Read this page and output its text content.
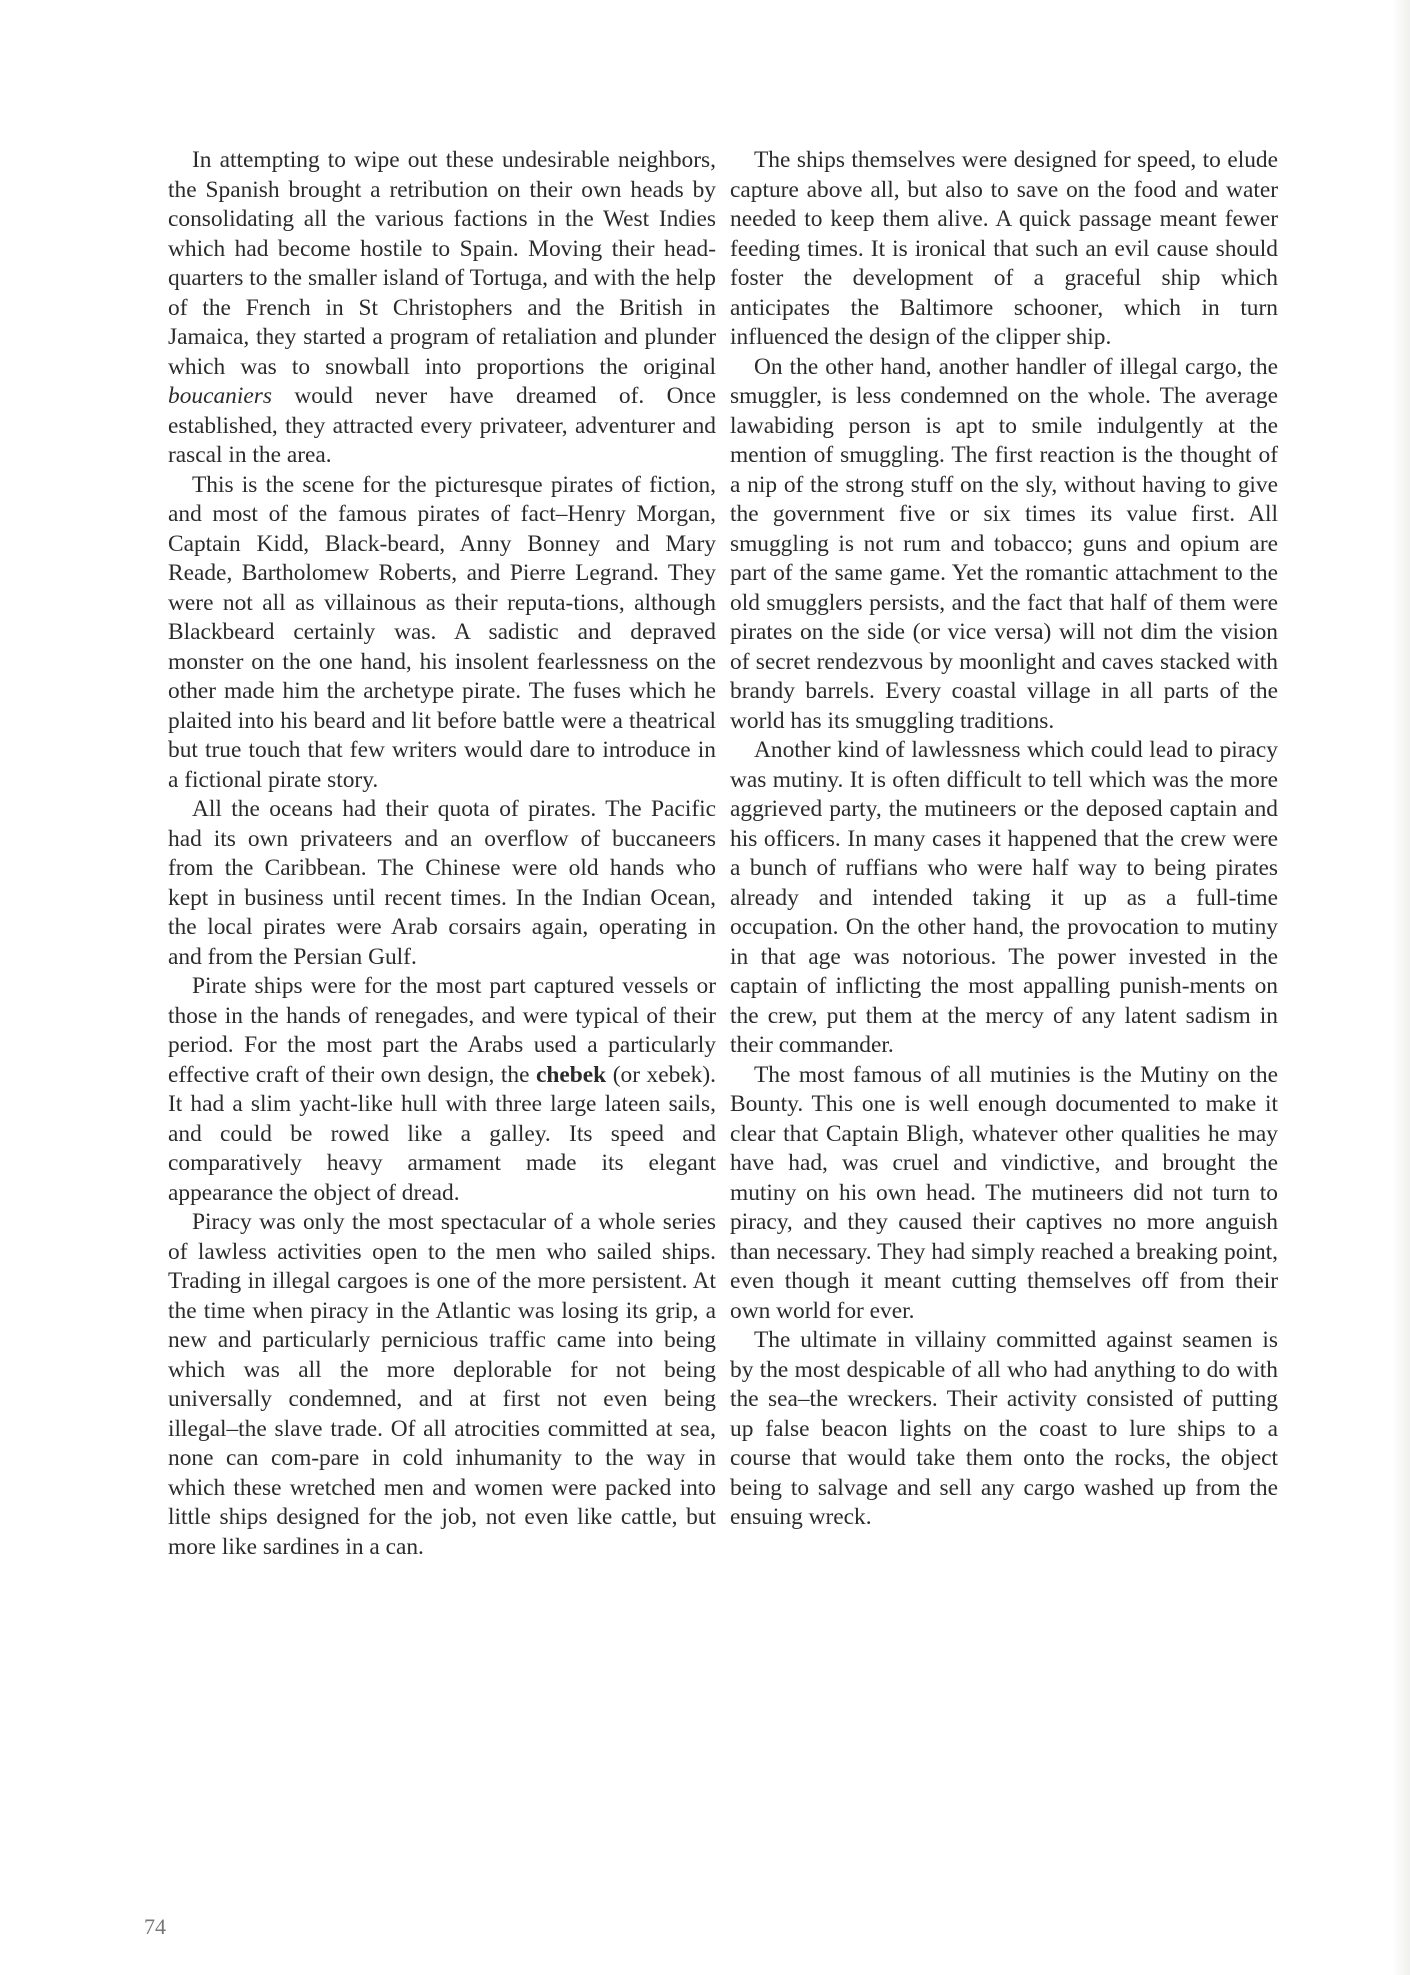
In attempting to wipe out these undesirable neighbors, the Spanish brought a retribution on their own heads by consolidating all the various factions in the West Indies which had become hostile to Spain. Moving their head-quarters to the smaller island of Tortuga, and with the help of the French in St Christophers and the British in Jamaica, they started a program of retaliation and plunder which was to snowball into proportions the original boucaniers would never have dreamed of. Once established, they attracted every privateer, adventurer and rascal in the area.

This is the scene for the picturesque pirates of fiction, and most of the famous pirates of fact–Henry Morgan, Captain Kidd, Black-beard, Anny Bonney and Mary Reade, Bartholomew Roberts, and Pierre Legrand. They were not all as villainous as their reputa-tions, although Blackbeard certainly was. A sadistic and depraved monster on the one hand, his insolent fearlessness on the other made him the archetype pirate. The fuses which he plaited into his beard and lit before battle were a theatrical but true touch that few writers would dare to introduce in a fictional pirate story.

All the oceans had their quota of pirates. The Pacific had its own privateers and an overflow of buccaneers from the Caribbean. The Chinese were old hands who kept in business until recent times. In the Indian Ocean, the local pirates were Arab corsairs again, operating in and from the Persian Gulf.

Pirate ships were for the most part captured vessels or those in the hands of renegades, and were typical of their period. For the most part the Arabs used a particularly effective craft of their own design, the chebek (or xebek). It had a slim yacht-like hull with three large lateen sails, and could be rowed like a galley. Its speed and comparatively heavy armament made its elegant appearance the object of dread.

Piracy was only the most spectacular of a whole series of lawless activities open to the men who sailed ships. Trading in illegal cargoes is one of the more persistent. At the time when piracy in the Atlantic was losing its grip, a new and particularly pernicious traffic came into being which was all the more deplorable for not being universally condemned, and at first not even being illegal–the slave trade. Of all atrocities committed at sea, none can com-pare in cold inhumanity to the way in which these wretched men and women were packed into little ships designed for the job, not even like cattle, but more like sardines in a can.

The ships themselves were designed for speed, to elude capture above all, but also to save on the food and water needed to keep them alive. A quick passage meant fewer feeding times. It is ironical that such an evil cause should foster the development of a graceful ship which anticipates the Baltimore schooner, which in turn influenced the design of the clipper ship.

On the other hand, another handler of illegal cargo, the smuggler, is less condemned on the whole. The average lawabiding person is apt to smile indulgently at the mention of smuggling. The first reaction is the thought of a nip of the strong stuff on the sly, without having to give the government five or six times its value first. All smuggling is not rum and tobacco; guns and opium are part of the same game. Yet the romantic attachment to the old smugglers persists, and the fact that half of them were pirates on the side (or vice versa) will not dim the vision of secret rendezvous by moonlight and caves stacked with brandy barrels. Every coastal village in all parts of the world has its smuggling traditions.

Another kind of lawlessness which could lead to piracy was mutiny. It is often difficult to tell which was the more aggrieved party, the mutineers or the deposed captain and his officers. In many cases it happened that the crew were a bunch of ruffians who were half way to being pirates already and intended taking it up as a full-time occupation. On the other hand, the provocation to mutiny in that age was notorious. The power invested in the captain of inflicting the most appalling punish-ments on the crew, put them at the mercy of any latent sadism in their commander.

The most famous of all mutinies is the Mutiny on the Bounty. This one is well enough documented to make it clear that Captain Bligh, whatever other qualities he may have had, was cruel and vindictive, and brought the mutiny on his own head. The mutineers did not turn to piracy, and they caused their captives no more anguish than necessary. They had simply reached a breaking point, even though it meant cutting themselves off from their own world for ever.

The ultimate in villainy committed against seamen is by the most despicable of all who had anything to do with the sea–the wreckers. Their activity consisted of putting up false beacon lights on the coast to lure ships to a course that would take them onto the rocks, the object being to salvage and sell any cargo washed up from the ensuing wreck.

74
